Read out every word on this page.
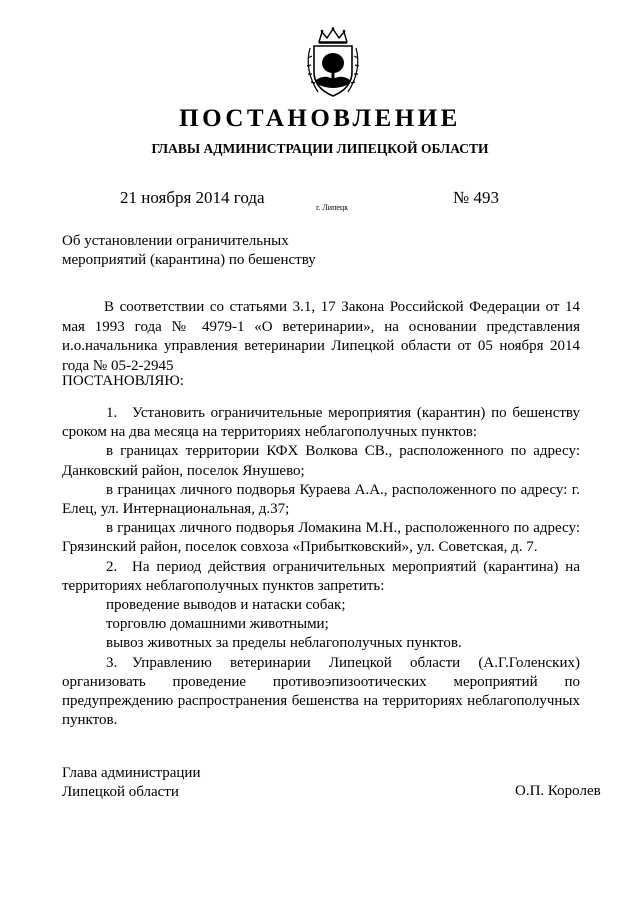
ПОСТАНОВЛЕНИЕ
ГЛАВЫ АДМИНИСТРАЦИИ ЛИПЕЦКОЙ ОБЛАСТИ
21 ноября 2014 года
г. Липецк
№ 493
Об установлении ограничительных
мероприятий (карантина) по бешенству

В соответствии со статьями 3.1, 17 Закона Российской Федерации от 14 мая 1993 года № 4979-1 «О ветеринарии», на основании представления и.о.начальника управления ветеринарии Липецкой области от 05 ноября 2014 года № 05-2-2945

ПОСТАНОВЛЯЮ:

1. Установить ограничительные мероприятия (карантин) по бешенству сроком на два месяца на территориях неблагополучных пунктов:

в границах территории КФХ Волкова СВ., расположенного по адресу: Данковский район, поселок Янушево;

в границах личного подворья Кураева А.А., расположенного по адресу: г. Елец, ул. Интернациональная, д.37;

в границах личного подворья Ломакина М.Н., расположенного по адресу: Грязинский район, поселок совхоза «Прибытковский», ул. Советская, д. 7.

2. На период действия ограничительных мероприятий (карантина) на территориях неблагополучных пунктов запретить:

проведение выводов и натаски собак;

торговлю домашними животными;

вывоз животных за пределы неблагополучных пунктов.

3. Управлению ветеринарии Липецкой области (А.Г.Голенских) организовать проведение противоэпизоотических мероприятий по предупреждению распространения бешенства на территориях неблагополучных пунктов.

Глава администрации
Липецкой области	О.П. Королев
